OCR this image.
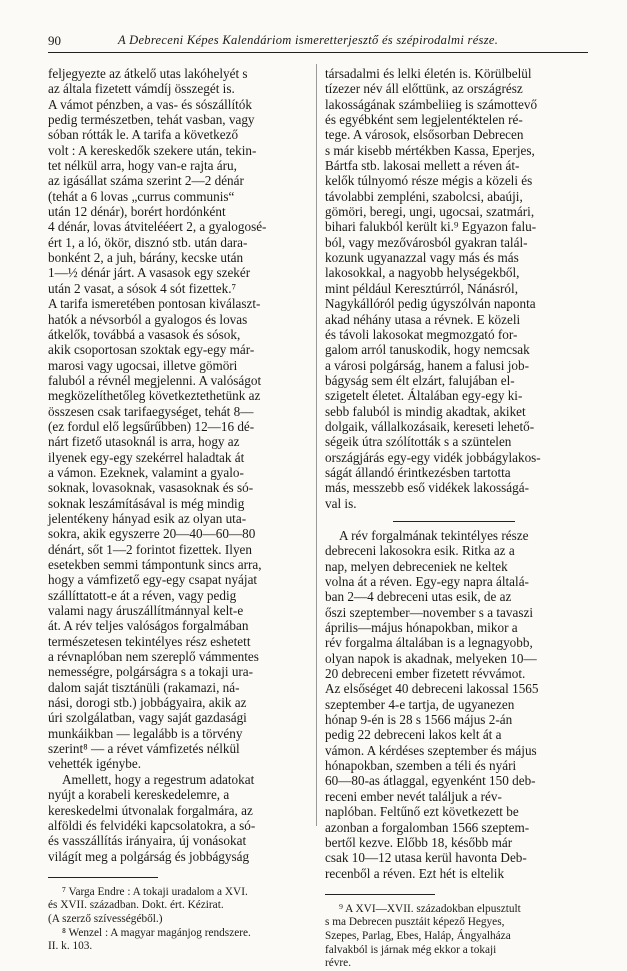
90	A Debreceni Képes Kalendáriom ismeretterjesztő és szépirodalmi része.

feljegyezte az átkelő utas lakóhelyét s
az általa fizetett vámdíj összegét is.
A vámot pénzben, a vas- és sószállítók
pedig természetben, tehát vasban, vagy
sóban rótták le. A tarifa a következő
volt : A kereskedők szekere után, tekin-
tet nélkül arra, hogy van-e rajta áru,
az igásállat száma szerint 2—2 dénár
(tehát a 6 lovas „currus communis“
után 12 dénár), borért hordónként
4 dénár, lovas átvitelééert 2, a gyalogosé-
ért 1, a ló, ökör, disznó stb. után dara-
bonként 2, a juh, bárány, kecske után
1—½ dénár járt. A vasasok egy szekér
után 2 vasat, a sósok 4 sót fizettek.⁷
A tarifa ismeretében pontosan kiválaszt-
hatók a névsorból a gyalogos és lovas
átkelők, továbbá a vasasok és sósok,
akik csoportosan szoktak egy-egy már-
marosi vagy ugocsai, illetve gömöri
faluból a révnél megjelenni. A valóságot
megközelíthetőleg következtethetünk az
összesen csak tarifaegységet, tehát 8—
(ez fordul elő legsűrűbben) 12—16 dé-
nárt fizető utasoknál is arra, hogy az
ilyenek egy-egy szekérrel haladtak át
a vámon. Ezeknek, valamint a gyalo-
soknak, lovasoknak, vasasoknak és só-
soknak leszámításával is még mindig
jelentékeny hányad esik az olyan uta-
sokra, akik egyszerre 20—40—60—80
dénárt, sőt 1—2 forintot fizettek. Ilyen
esetekben semmi támpontunk sincs arra,
hogy a vámfizető egy-egy csapat nyájat
szállíttatott-e át a réven, vagy pedig
valami nagy áruszállítmánnyal kelt-e
át. A rév teljes valóságos forgalmában
természetesen tekintélyes rész eshetett
a révnaplóban nem szereplő vámmentes
nemességre, polgárságra s a tokaji ura-
dalom saját tisztánüli (rakamazi, ná-
nási, dorogi stb.) jobbágyaira, akik az
úri szolgálatban, vagy saját gazdasági
munkáikban — legalább is a törvény
szerint⁸ — a révet vámfizetés nélkül
vehették igénybe.

Amellett, hogy a regestrum adatokat
nyújt a korabeli kereskedelemre, a
kereskedelmi útvonalak forgalmára, az
alföldi és felvidéki kapcsolatokra, a só-
és vasszállítás irányaira, új vonásokat
világít meg a polgárság és jobbágyság

⁷ Varga Endre : A tokaji uradalom a XVI.
és XVII. században. Dokt. ért. Kézirat.
(A szerző szívességéből.)

⁸ Wenzel : A magyar magánjog rendszere.
II. k. 103.

társadalmi és lelki életén is. Körülbelül
tízezer név áll előttünk, az országrész
lakosságának számbeliieg is számottevő
és egyébként sem legjelentéktelen ré-
tege. A városok, elsősorban Debrecen
s már kisebb mértékben Kassa, Eperjes,
Bártfa stb. lakosai mellett a réven át-
kelők túlnyomó része mégis a közeli és
távolabbi zempléni, szabolcsi, abaúji,
gömöri, beregi, ungi, ugocsai, szatmári,
bihari falukból került ki.⁹ Egyazon falu-
ból, vagy mezővárosból gyakran talál-
kozunk ugyanazzal vagy más és más
lakosokkal, a nagyobb helységekből,
mint például Keresztúrról, Nánásról,
Nagykállóról pedig úgyszólván naponta
akad néhány utasa a révnek. E közeli
és távoli lakosokat megmozgató for-
galom arról tanuskodik, hogy nemcsak
a városi polgárság, hanem a falusi job-
bágyság sem élt elzárt, falujában el-
szigetelt életet. Általában egy-egy ki-
sebb faluból is mindig akadtak, akiket
dolgaik, vállalkozásaik, kereseti lehető-
ségeik útra szólították s a szüntelen
országjárás egy-egy vidék jobbágylakos-
ságát állandó érintkezésben tartotta
más, messzebb eső vidékek lakosságá-
val is.

A rév forgalmának tekintélyes része
debreceni lakosokra esik. Ritka az a
nap, melyen debreceniek ne keltek
volna át a réven. Egy-egy napra általá-
ban 2—4 debreceni utas esik, de az
őszi szeptember—november s a tavaszi
április—május hónapokban, mikor a
rév forgalma általában is a legnagyobb,
olyan napok is akadnak, melyeken 10—
20 debreceni ember fizetett révvámot.
Az elsőséget 40 debreceni lakossal 1565
szeptember 4-e tartja, de ugyanezen
hónap 9-én is 28 s 1566 május 2-án
pedig 22 debreceni lakos kelt át a
vámon. A kérdéses szeptember és május
hónapokban, szemben a téli és nyári
60—80-as átlaggal, egyenként 150 deb-
receni ember nevét találjuk a rév-
naplóban. Feltűnő ezt következett be
azonban a forgalomban 1566 szeptem-
bertől kezve. Előbb 18, később már
csak 10—12 utasa kerül havonta Deb-
recenből a réven. Ezt hét is eltelik

⁹ A XVI—XVII. századokban elpusztult
s ma Debrecen pusztáit képező Hegyes,
Szepes, Parlag, Ebes, Haláp, Ángyalháza
falvakból is járnak még ekkor a tokaji
révre.
